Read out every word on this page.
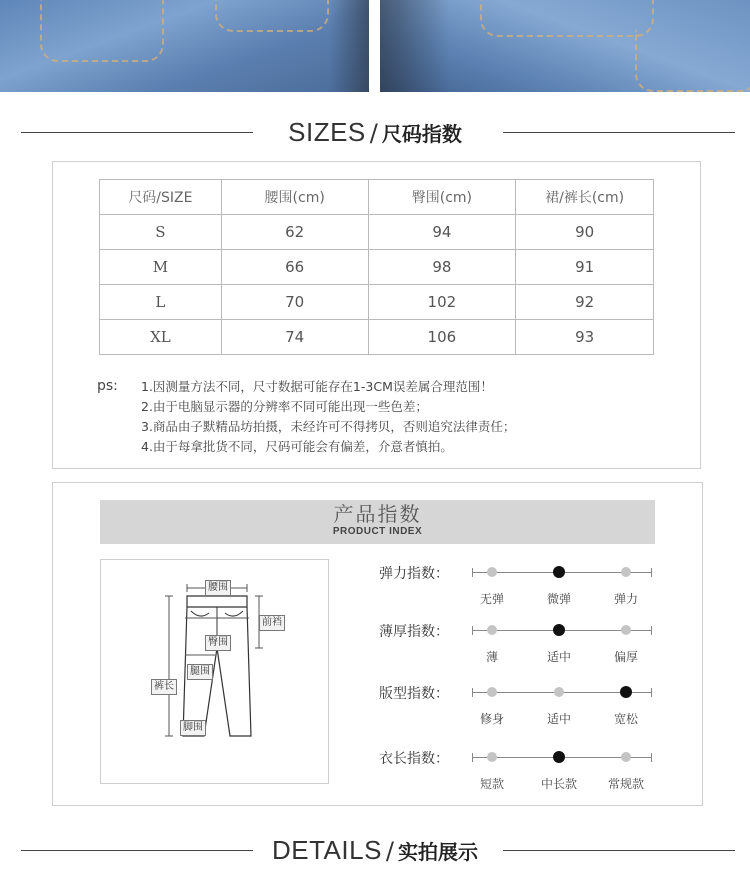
SIZES / 尺码指数
尺码/SIZE	腰围(cm)	臀围(cm)	裙/裤长(cm)
S	62	94	90
M	66	98	91
L	70	102	92
XL	74	106	93
ps: 1.因测量方法不同，尺寸数据可能存在1-3CM误差属合理范围！
2.由于电脑显示器的分辨率不同可能出现一些色差；
3.商品由子默精品坊拍摄，未经许可不得拷贝，否则追究法律责任；
4.由于每拿批货不同，尺码可能会有偏差，介意者慎拍。
产品指数
PRODUCT INDEX
腰围
前裆
臀围
腿围
裤长
脚围
弹力指数：
无弹	微弹	弹力
薄厚指数：
薄	适中	偏厚
版型指数：
修身	适中	宽松
衣长指数：
短款	中长款	常规款
DETAILS / 实拍展示
